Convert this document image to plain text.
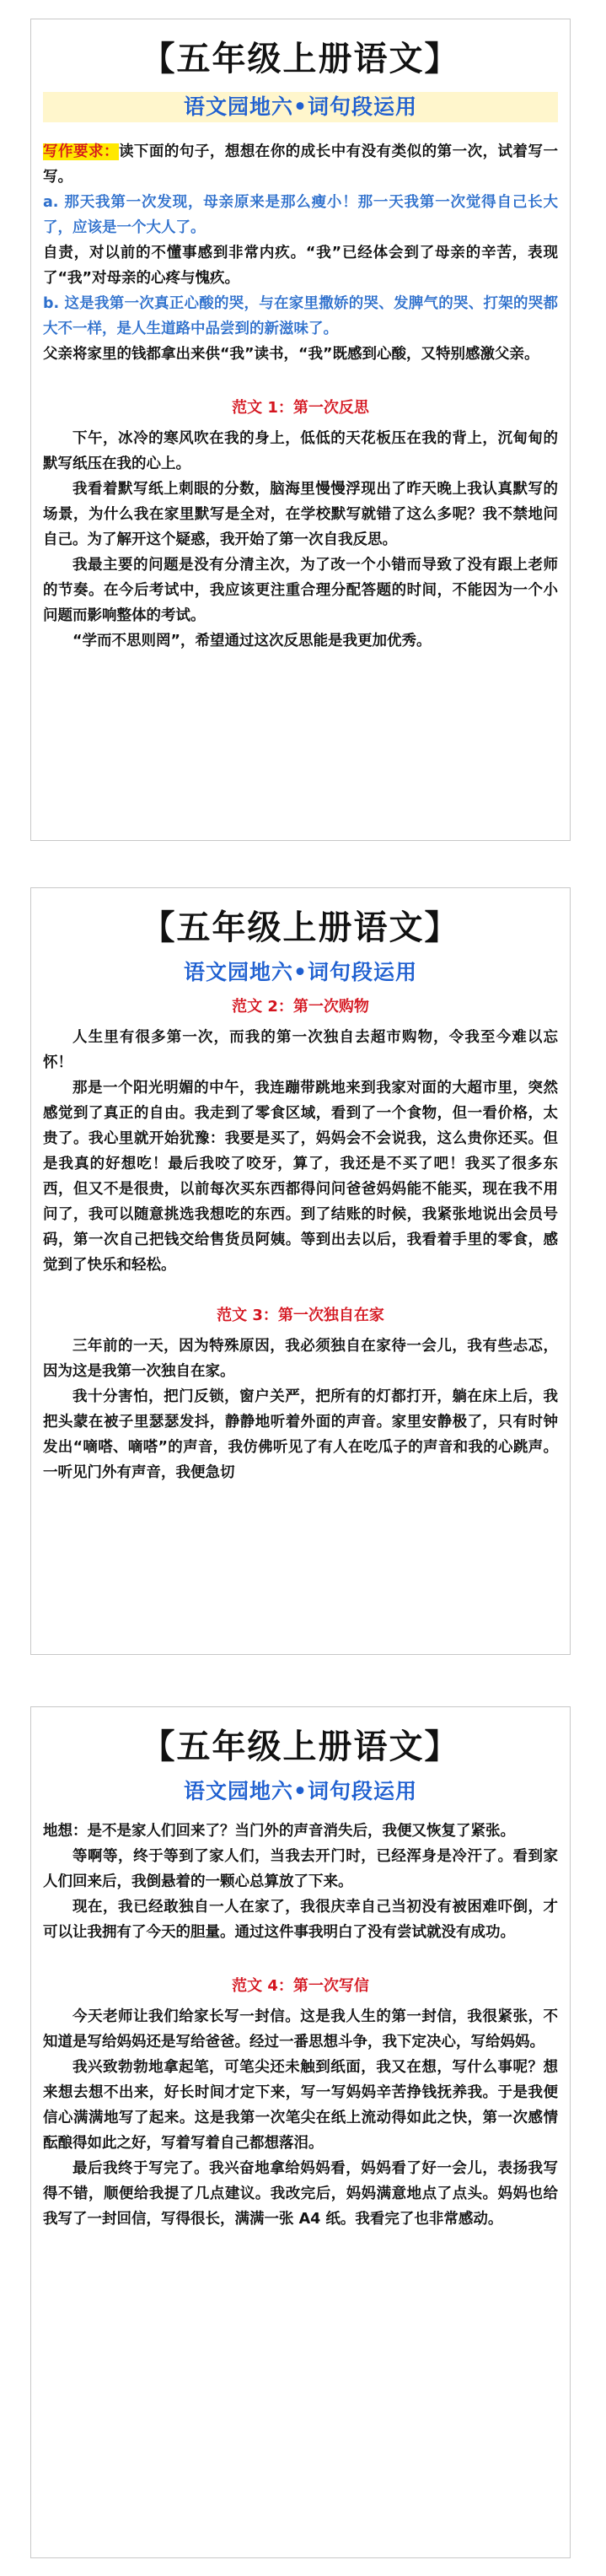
【五年级上册语文】
语文园地六•词句段运用

写作要求：读下面的句子，想想在你的成长中有没有类似的第一次，试着写一写。

a. 那天我第一次发现，母亲原来是那么瘦小！那一天我第一次觉得自己长大了，应该是一个大人了。

自责，对以前的不懂事感到非常内疚。“我”已经体会到了母亲的辛苦，表现了“我”对母亲的心疼与愧疚。

b. 这是我第一次真正心酸的哭，与在家里撒娇的哭、发脾气的哭、打架的哭都大不一样，是人生道路中品尝到的新滋味了。

父亲将家里的钱都拿出来供“我”读书，“我”既感到心酸，又特别感激父亲。

范文 1：第一次反思

下午，冰冷的寒风吹在我的身上，低低的天花板压在我的背上，沉甸甸的默写纸压在我的心上。

我看着默写纸上刺眼的分数，脑海里慢慢浮现出了昨天晚上我认真默写的场景，为什么我在家里默写是全对，在学校默写就错了这么多呢？我不禁地问自己。为了解开这个疑惑，我开始了第一次自我反思。

我最主要的问题是没有分清主次，为了改一个小错而导致了没有跟上老师的节奏。在今后考试中，我应该更注重合理分配答题的时间，不能因为一个小问题而影响整体的考试。

“学而不思则罔”，希望通过这次反思能是我更加优秀。

【五年级上册语文】
语文园地六•词句段运用
范文 2：第一次购物

人生里有很多第一次，而我的第一次独自去超市购物，令我至今难以忘怀！

那是一个阳光明媚的中午，我连蹦带跳地来到我家对面的大超市里，突然感觉到了真正的自由。我走到了零食区域，看到了一个食物，但一看价格，太贵了。我心里就开始犹豫：我要是买了，妈妈会不会说我，这么贵你还买。但是我真的好想吃！最后我咬了咬牙，算了，我还是不买了吧！我买了很多东西，但又不是很贵，以前每次买东西都得问问爸爸妈妈能不能买，现在我不用问了，我可以随意挑选我想吃的东西。到了结账的时候，我紧张地说出会员号码，第一次自己把钱交给售货员阿姨。等到出去以后，我看着手里的零食，感觉到了快乐和轻松。

范文 3：第一次独自在家

三年前的一天，因为特殊原因，我必须独自在家待一会儿，我有些忐忑，因为这是我第一次独自在家。

我十分害怕，把门反锁，窗户关严，把所有的灯都打开，躺在床上后，我把头蒙在被子里瑟瑟发抖，静静地听着外面的声音。家里安静极了，只有时钟发出“嘀嗒、嘀嗒”的声音，我仿佛听见了有人在吃瓜子的声音和我的心跳声。一听见门外有声音，我便急切

【五年级上册语文】
语文园地六•词句段运用

地想：是不是家人们回来了？当门外的声音消失后，我便又恢复了紧张。

等啊等，终于等到了家人们，当我去开门时，已经浑身是冷汗了。看到家人们回来后，我倒悬着的一颗心总算放了下来。

现在，我已经敢独自一人在家了，我很庆幸自己当初没有被困难吓倒，才可以让我拥有了今天的胆量。通过这件事我明白了没有尝试就没有成功。

范文 4：第一次写信

今天老师让我们给家长写一封信。这是我人生的第一封信，我很紧张，不知道是写给妈妈还是写给爸爸。经过一番思想斗争，我下定决心，写给妈妈。

我兴致勃勃地拿起笔，可笔尖还未触到纸面，我又在想，写什么事呢？想来想去想不出来，好长时间才定下来，写一写妈妈辛苦挣钱抚养我。于是我便信心满满地写了起来。这是我第一次笔尖在纸上流动得如此之快，第一次感情酝酿得如此之好，写着写着自己都想落泪。

最后我终于写完了。我兴奋地拿给妈妈看，妈妈看了好一会儿，表扬我写得不错，顺便给我提了几点建议。我改完后，妈妈满意地点了点头。妈妈也给我写了一封回信，写得很长，满满一张 A4 纸。我看完了也非常感动。
